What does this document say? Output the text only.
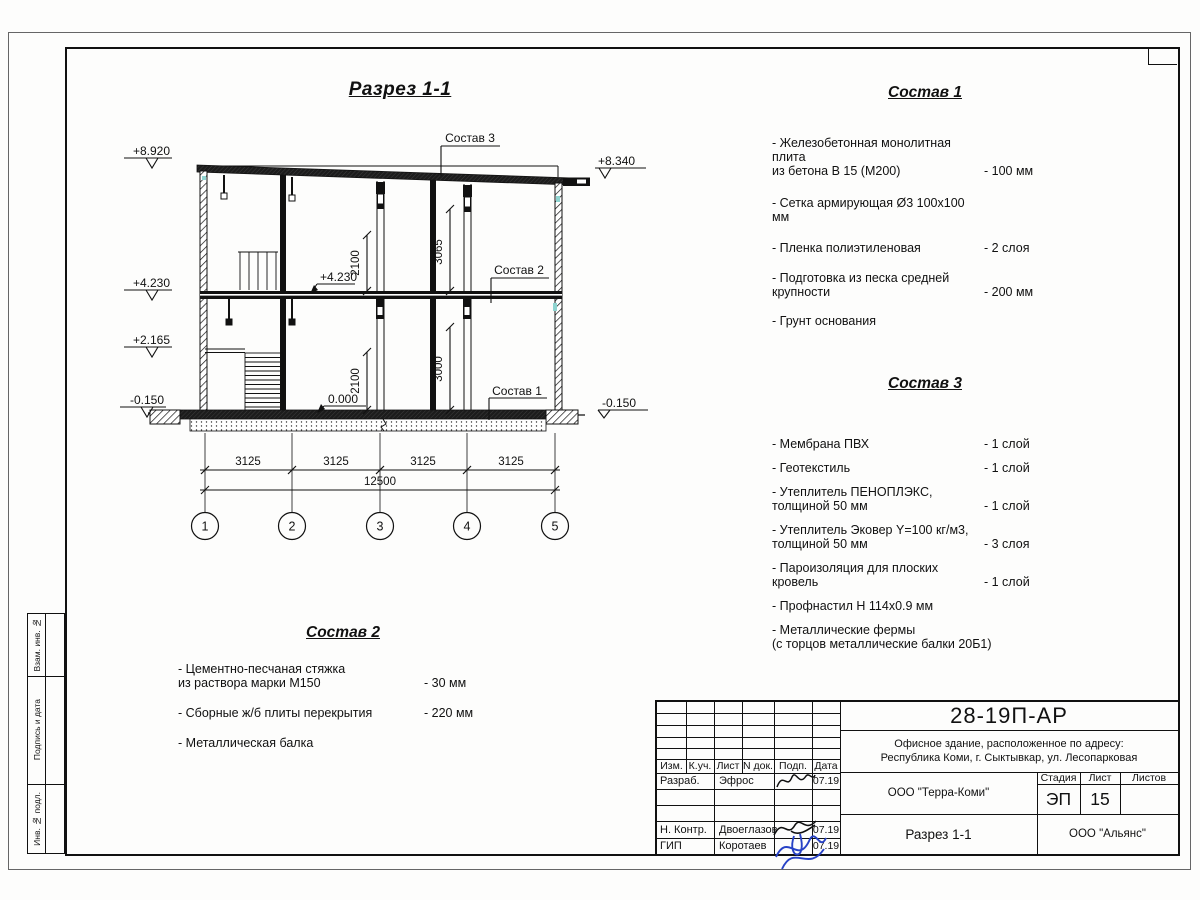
Разрез 1-1
+8.920
+4.230
+2.165
-0.150
+8.340
-0.150
+4.230
0.000
2100	3065
2100	3000
Состав 3
Состав 2
Состав 1
3125	3125	3125	3125
12500
1	2	3	4	5
Состав 1
- Железобетонная монолитная плита
из бетона В 15 (М200)	- 100 мм
- Сетка армирующая Ø3 100х100 мм
- Пленка полиэтиленовая	- 2 слоя
- Подготовка из песка средней
крупности	- 200 мм
- Грунт основания
Состав 3
- Мембрана ПВХ	- 1 слой
- Геотекстиль	- 1 слой
- Утеплитель ПЕНОПЛЭКС,
толщиной 50 мм	- 1 слой
- Утеплитель Эковер Y=100 кг/м3,
толщиной 50 мм	- 3 слоя
- Пароизоляция для плоских кровель	- 1 слой
- Профнастил Н 114х0.9 мм
- Металлические фермы
(с торцов металлические балки 20Б1)
Состав 2
- Цементно-песчаная стяжка
из раствора марки М150	- 30 мм
- Сборные ж/б плиты перекрытия	- 220 мм
- Металлическая балка
Взам. инв. №
Подпись и дата
Инв. № подл.
Изм. К.уч. Лист N док. Подп. Дата
Разраб.	Эфрос	07.19
Н. Контр.	Двоеглазов	07.19
ГИП	Коротаев	07.19
28-19П-АР
Офисное здание, расположенное по адресу:
Республика Коми, г. Сыктывкар, ул. Лесопарковая
ООО "Терра-Коми"
Стадия	Лист	Листов
ЭП	15
Разрез 1-1	ООО "Альянс"
